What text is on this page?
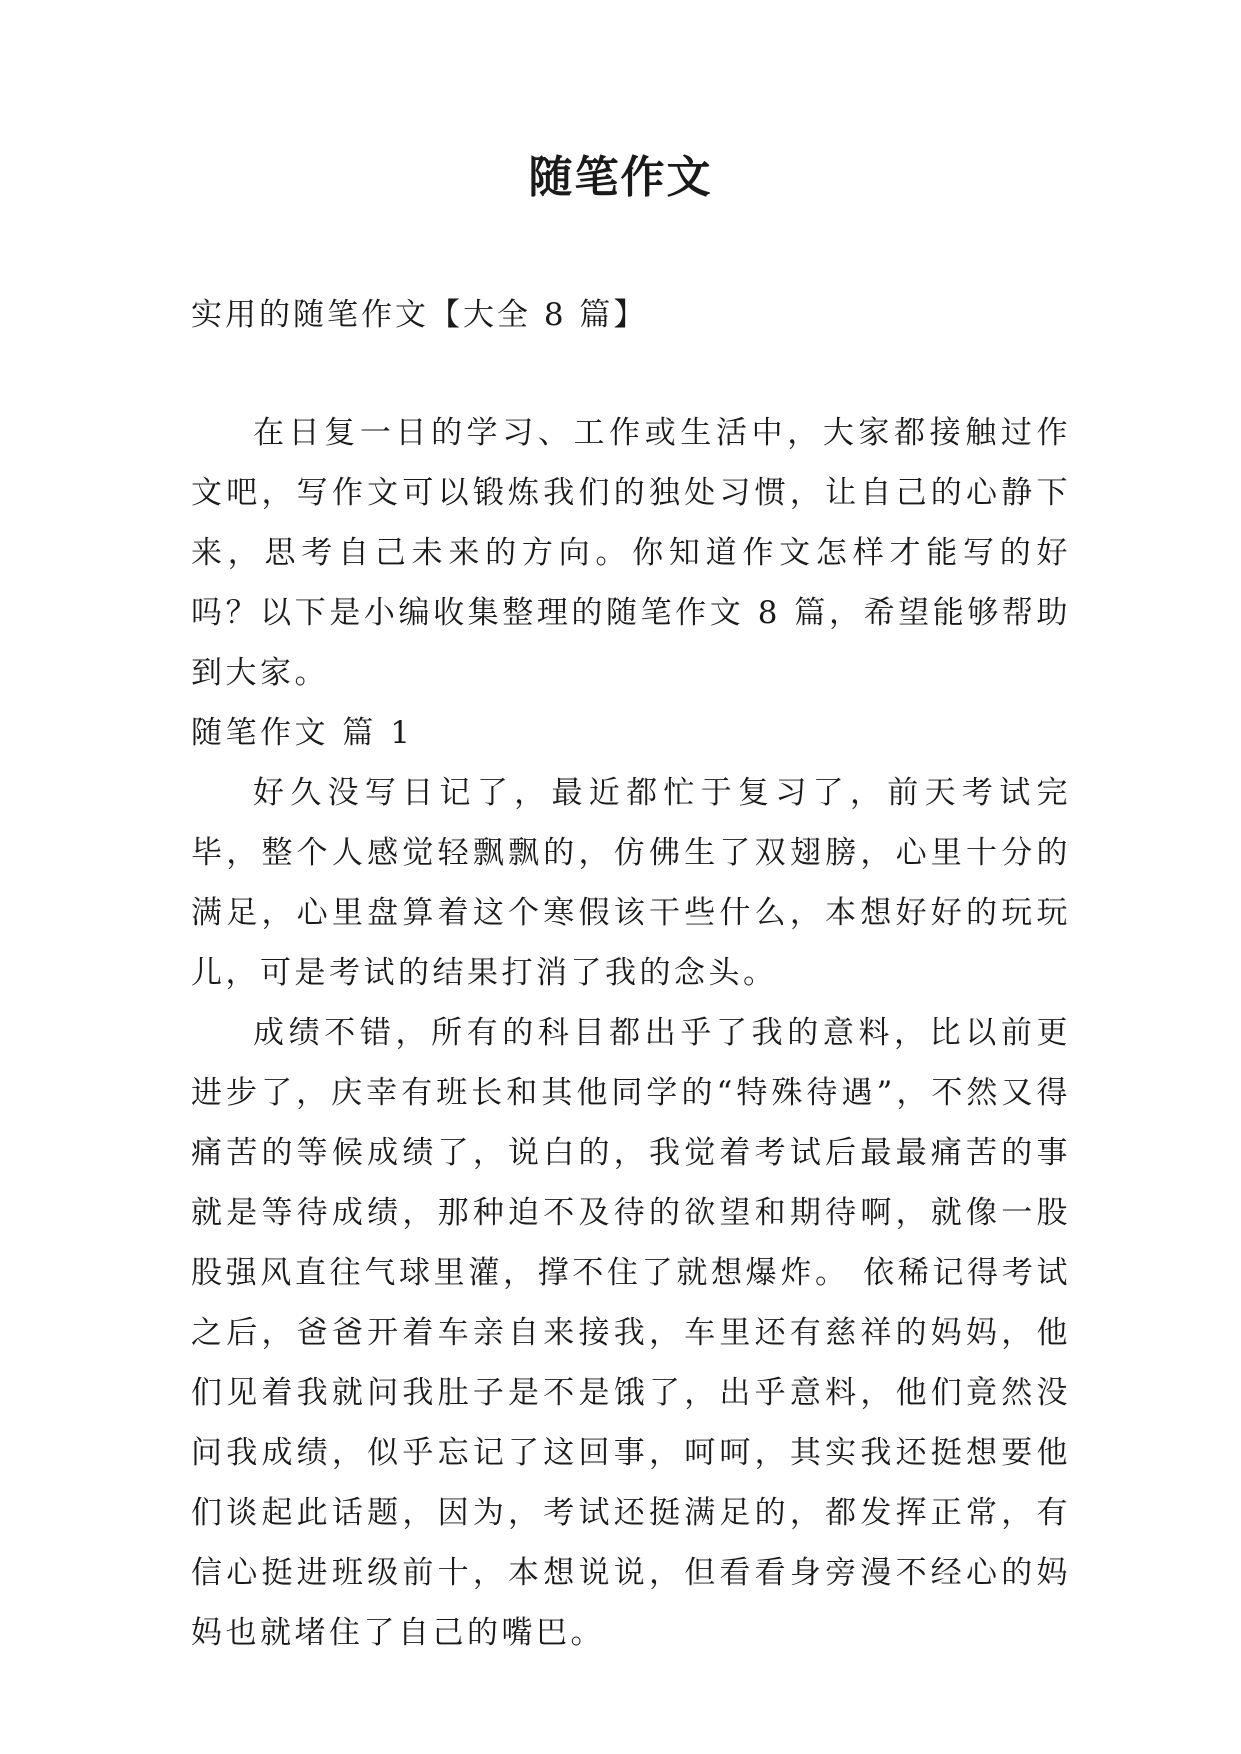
随笔作文
实用的随笔作文【大全 8 篇】

在日复一日的学习、工作或生活中，大家都接触过作文吧，写作文可以锻炼我们的独处习惯，让自己的心静下来，思考自己未来的方向。你知道作文怎样才能写的好吗？以下是小编收集整理的随笔作文 8 篇，希望能够帮助到大家。

随笔作文 篇 1

好久没写日记了，最近都忙于复习了，前天考试完毕，整个人感觉轻飘飘的，仿佛生了双翅膀，心里十分的满足，心里盘算着这个寒假该干些什么，本想好好的玩玩儿，可是考试的结果打消了我的念头。

成绩不错，所有的科目都出乎了我的意料，比以前更进步了，庆幸有班长和其他同学的“特殊待遇”，不然又得痛苦的等候成绩了，说白的，我觉着考试后最最痛苦的事就是等待成绩，那种迫不及待的欲望和期待啊，就像一股股强风直往气球里灌，撑不住了就想爆炸。 依稀记得考试之后，爸爸开着车亲自来接我，车里还有慈祥的妈妈，他们见着我就问我肚子是不是饿了，出乎意料，他们竟然没问我成绩，似乎忘记了这回事，呵呵，其实我还挺想要他们谈起此话题，因为，考试还挺满足的，都发挥正常，有信心挺进班级前十，本想说说，但看看身旁漫不经心的妈妈也就堵住了自己的嘴巴。
